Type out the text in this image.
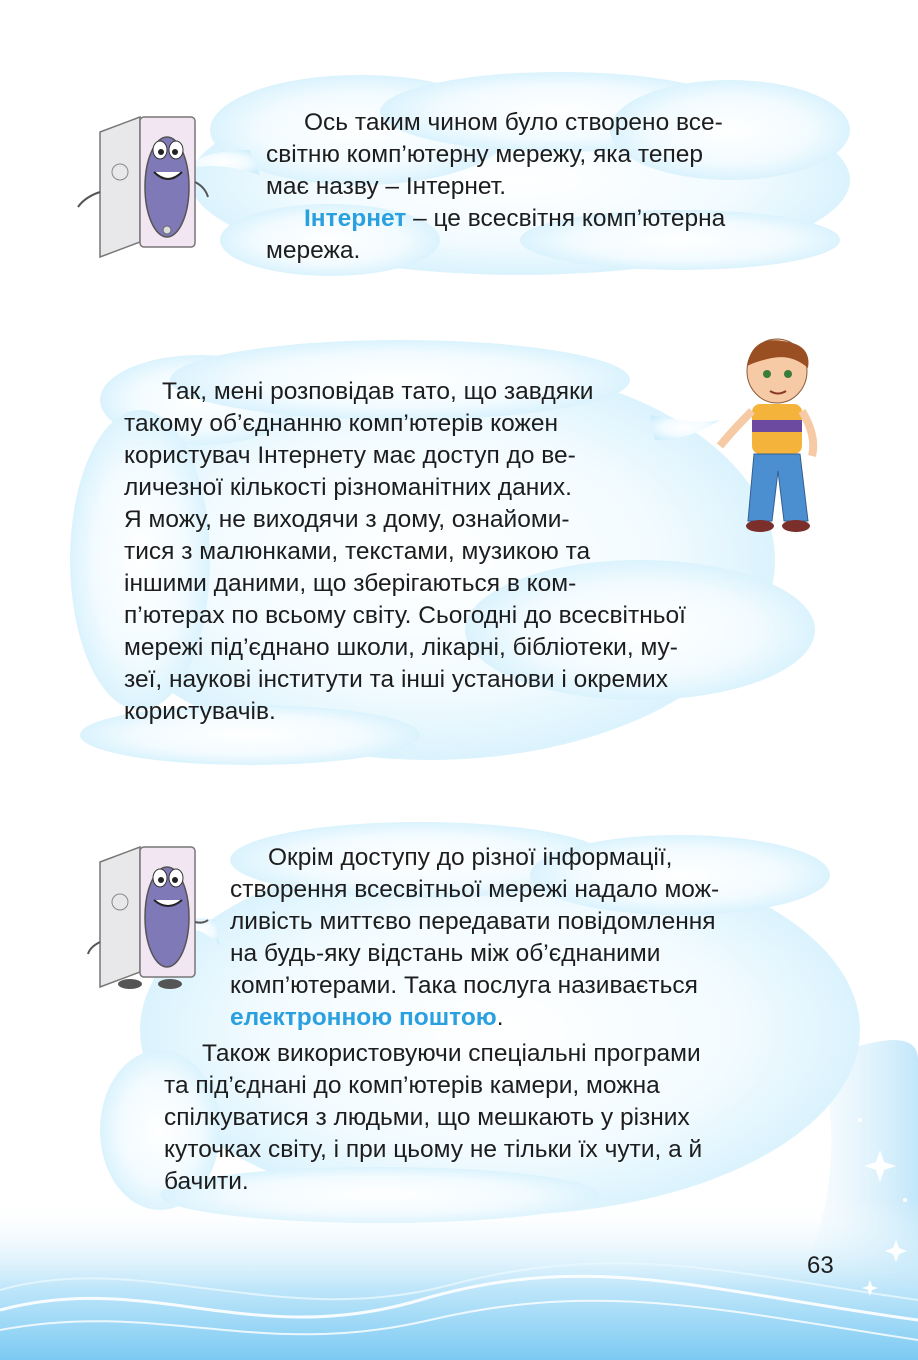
Ось таким чином було створено все-

світню комп’ютерну мережу, яка тепер

має назву – Інтернет.

Інтернет – це всесвітня комп’ютерна

мережа.

Так, мені розповідав тато, що завдяки

такому об’єднанню комп’ютерів кожен

користувач Інтернету має доступ до ве-

личезної кількості різноманітних даних.

Я можу, не виходячи з дому, ознайоми-

тися з малюнками, текстами, музикою та

іншими даними, що зберігаються в ком-

п’ютерах по всьому світу. Сьогодні до всесвітньої

мережі під’єднано школи, лікарні, бібліотеки, му-

зеї, наукові інститути та інші установи і окремих

користувачів.

Окрім доступу до різної інформації,

створення всесвітньої мережі надало мож-

ливість миттєво передавати повідомлення

на будь-яку відстань між об’єднаними

комп’ютерами. Така послуга називається

електронною поштою.

Також використовуючи спеціальні програми

та під’єднані до комп’ютерів камери, можна

спілкуватися з людьми, що мешкають у різних

куточках світу, і при цьому не тільки їх чути, а й

бачити.

63
